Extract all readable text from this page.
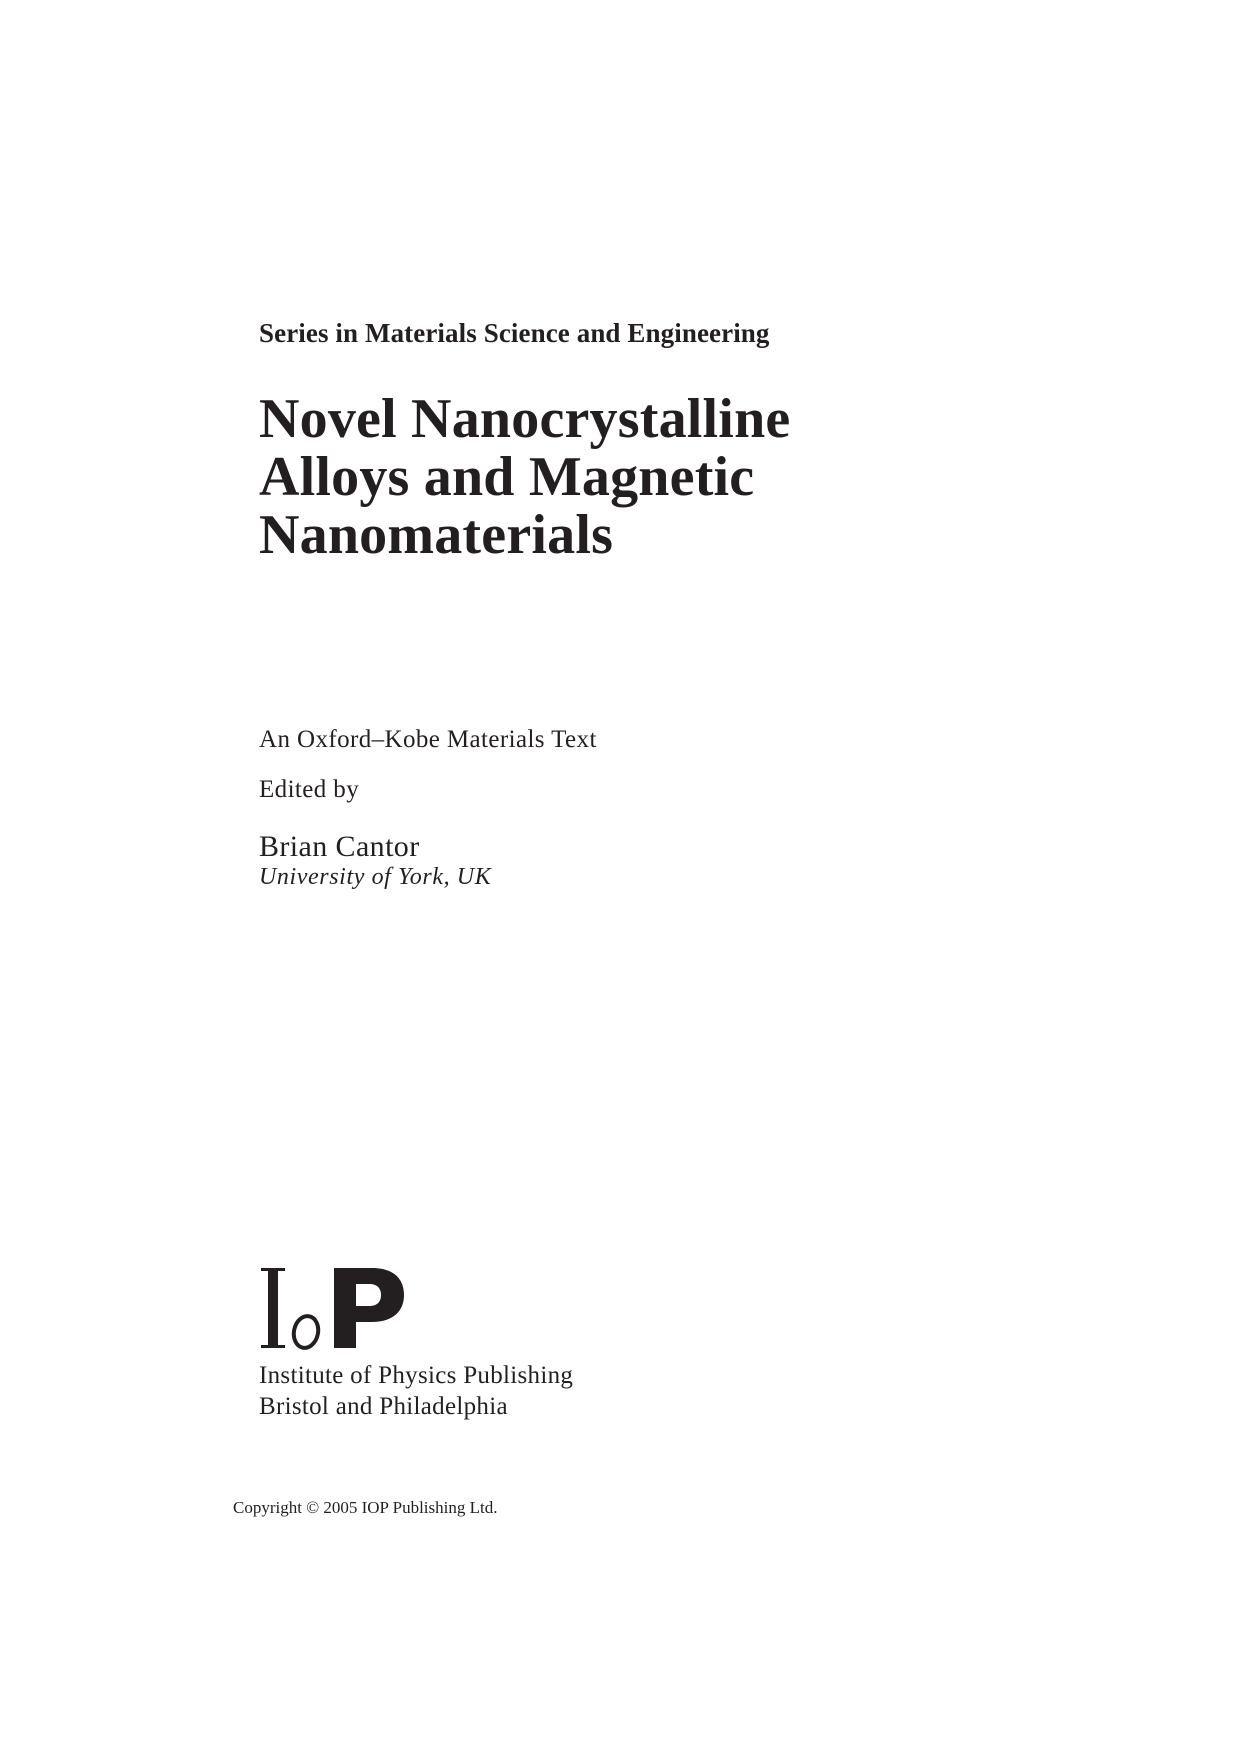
Series in Materials Science and Engineering
Novel Nanocrystalline
Alloys and Magnetic
Nanomaterials
An Oxford–Kobe Materials Text
Edited by
Brian Cantor
University of York, UK
Institute of Physics Publishing
Bristol and Philadelphia
Copyright © 2005 IOP Publishing Ltd.
